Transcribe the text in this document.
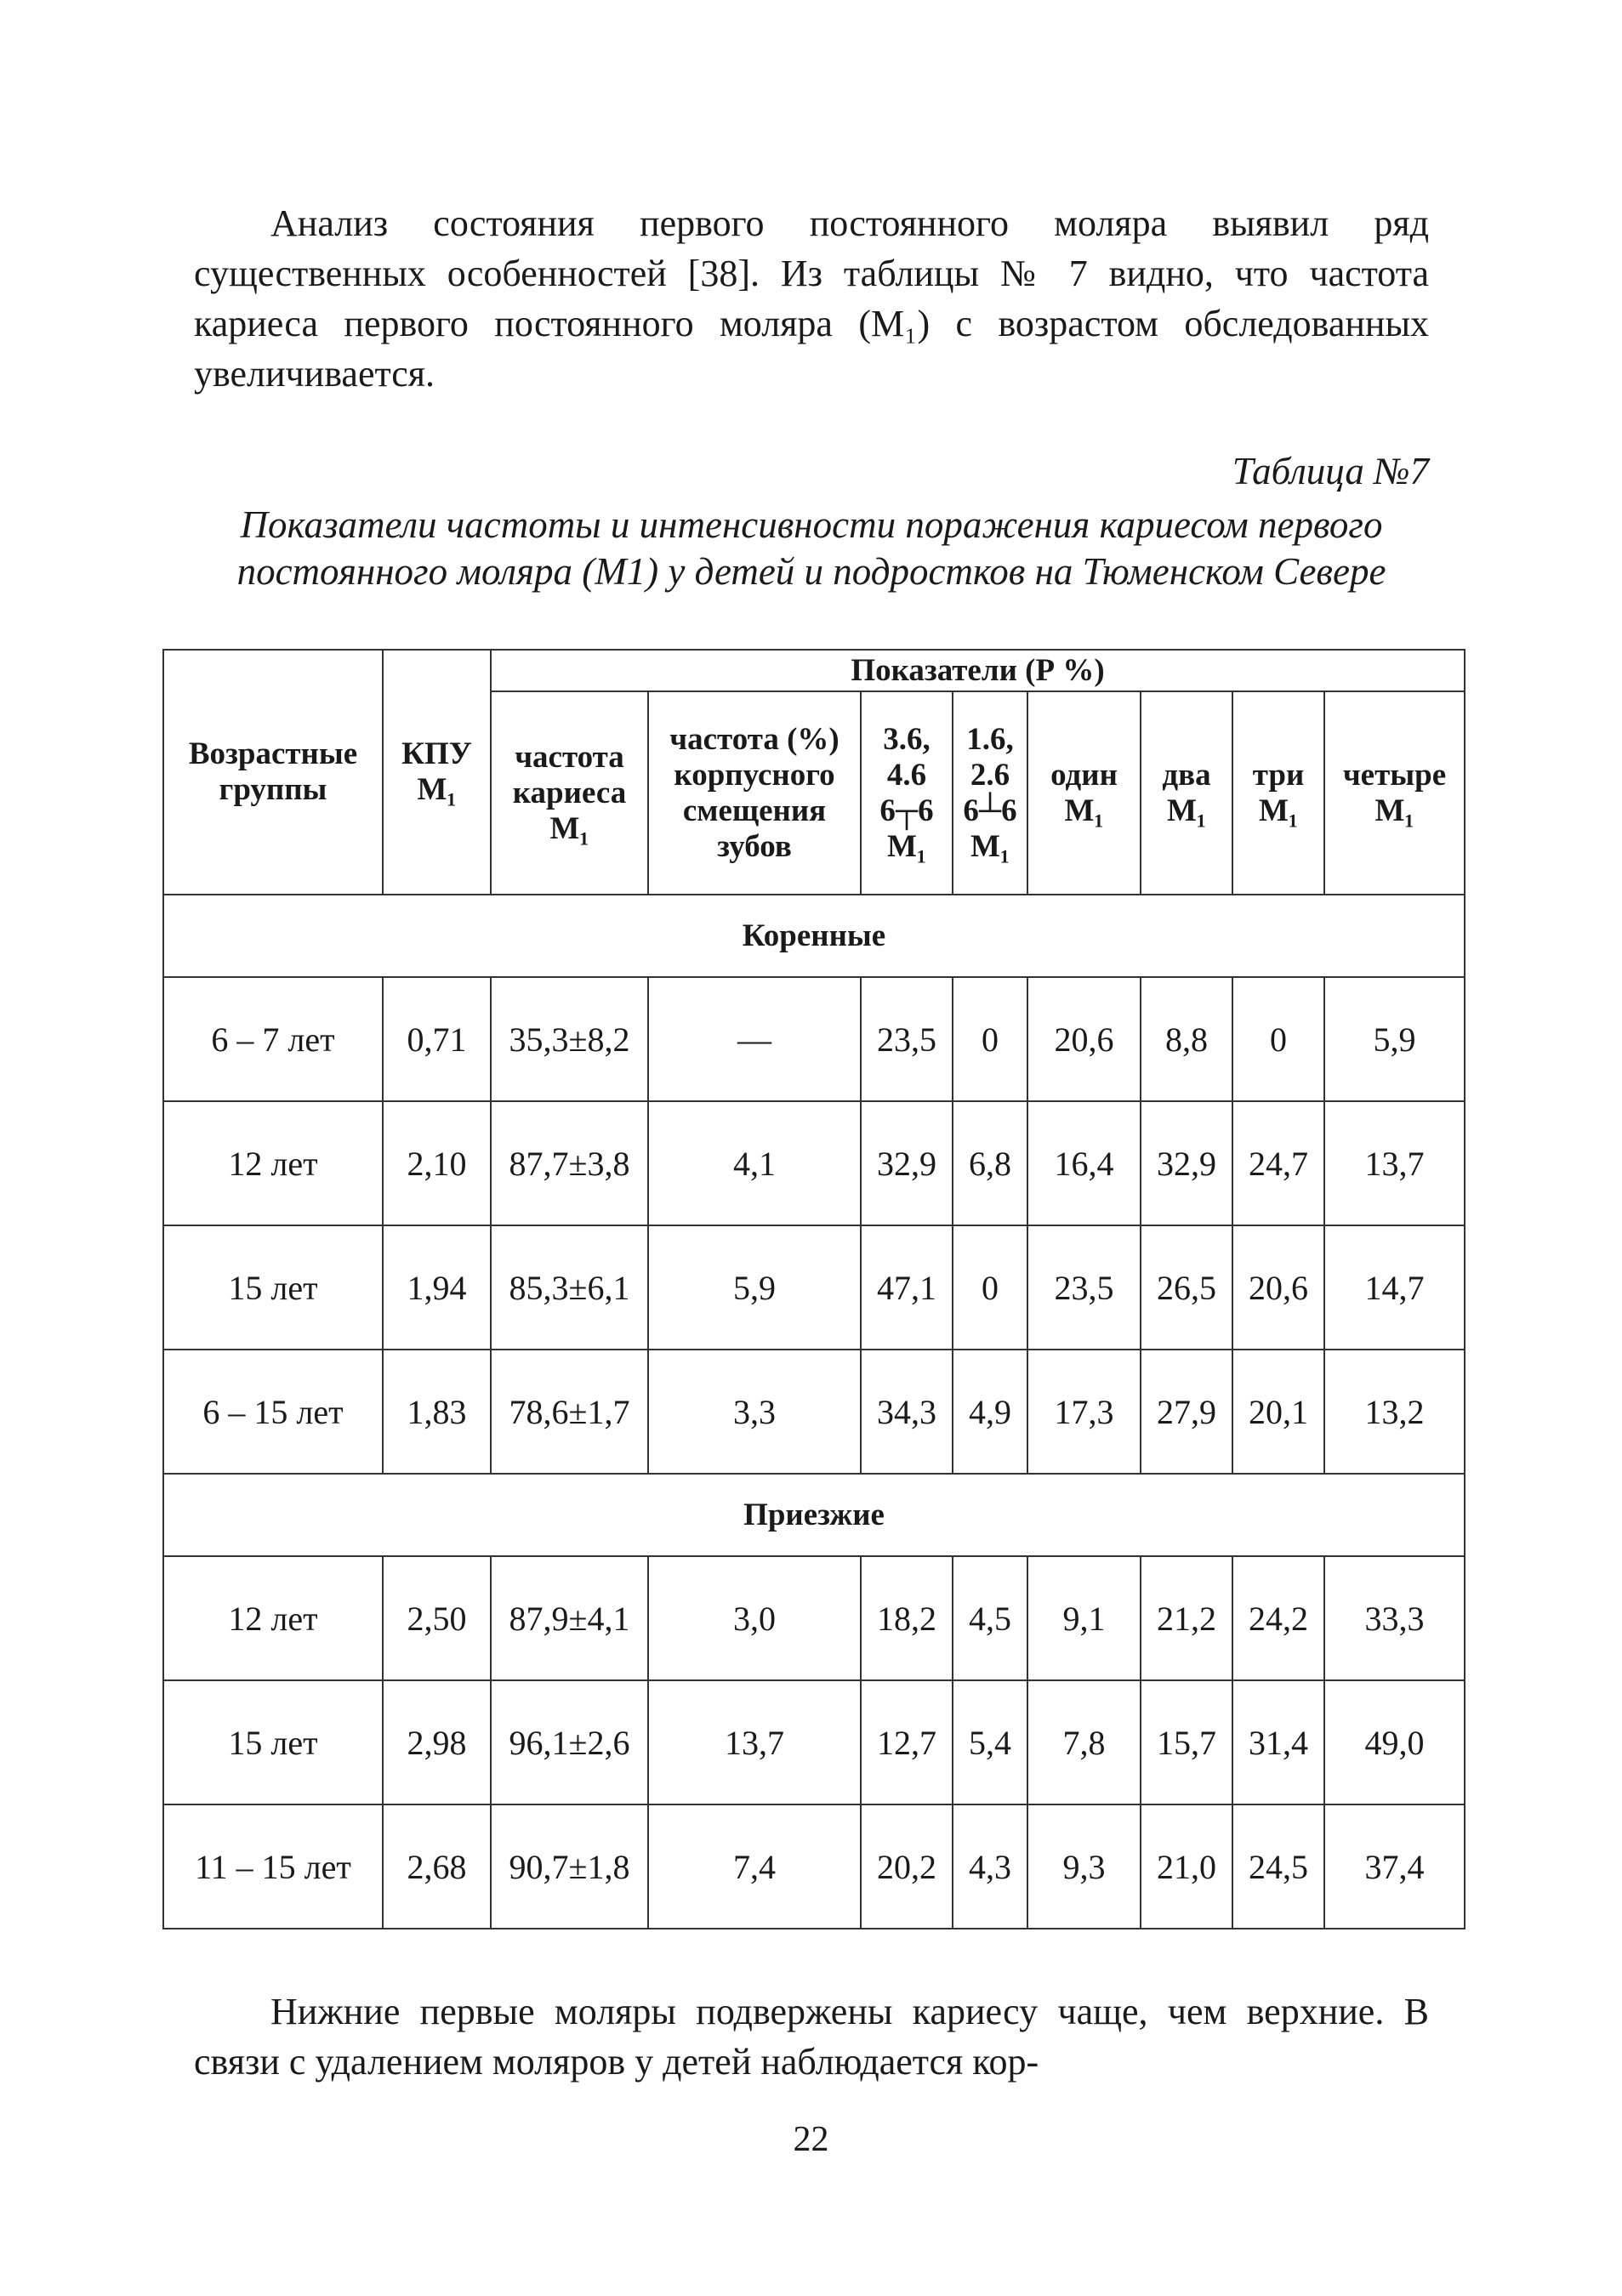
Анализ состояния первого постоянного моляра выявил ряд существенных особенностей [38]. Из таблицы № 7 видно, что частота кариеса первого постоянного моляра (М₁) с возрастом обследованных увеличивается.

Таблица №7
Показатели частоты и интенсивности поражения кариесом первого постоянного моляра (М1) у детей и подростков на Тюменском Севере
Возрастные группы	КПУ М₁	Показатели (Р %)							
		частота кариеса М₁	частота (%) корпусного смещения зубов	3.6, 4.6 6┬6 М₁	1.6, 2.6 6┴6 М₁	один М₁	два М₁	три М₁	четыре М₁
Коренные									
6 – 7 лет	0,71	35,3±8,2	—	23,5	0	20,6	8,8	0	5,9
12 лет	2,10	87,7±3,8	4,1	32,9	6,8	16,4	32,9	24,7	13,7
15 лет	1,94	85,3±6,1	5,9	47,1	0	23,5	26,5	20,6	14,7
6 – 15 лет	1,83	78,6±1,7	3,3	34,3	4,9	17,3	27,9	20,1	13,2
Приезжие									
12 лет	2,50	87,9±4,1	3,0	18,2	4,5	9,1	21,2	24,2	33,3
15 лет	2,98	96,1±2,6	13,7	12,7	5,4	7,8	15,7	31,4	49,0
11 – 15 лет	2,68	90,7±1,8	7,4	20,2	4,3	9,3	21,0	24,5	37,4

Нижние первые моляры подвержены кариесу чаще, чем верхние. В связи с удалением моляров у детей наблюдается кор-

22
